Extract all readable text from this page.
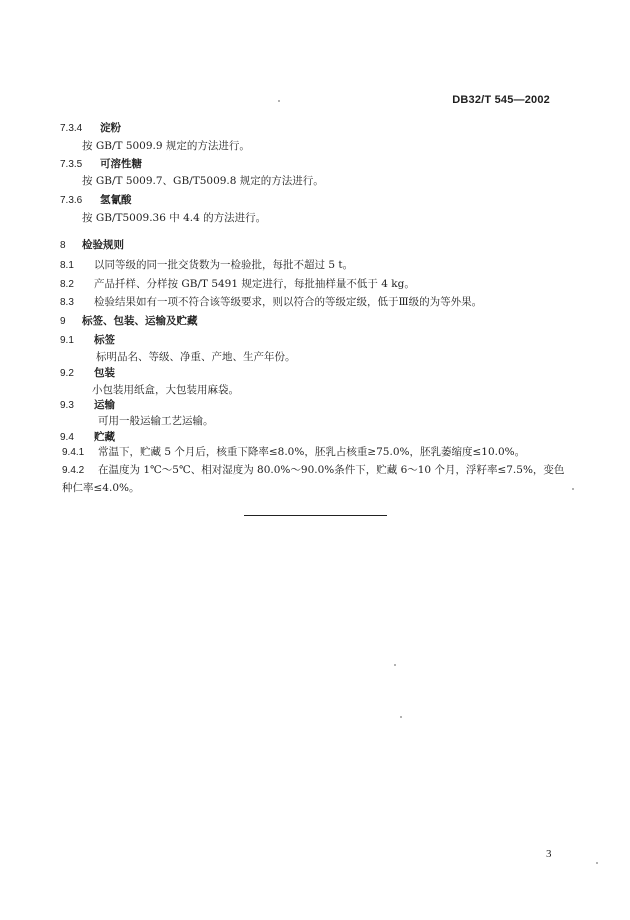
DB32/T 545—2002
7.3.4 淀粉
按 GB/T 5009.9 规定的方法进行。
7.3.5 可溶性糖
按 GB/T 5009.7、GB/T5009.8 规定的方法进行。
7.3.6 氢氰酸
按 GB/T5009.36 中 4.4 的方法进行。
8 检验规则
8.1 以同等级的同一批交货数为一检验批，每批不超过 5 t。
8.2 产品扦样、分样按 GB/T 5491 规定进行，每批抽样量不低于 4 kg。
8.3 检验结果如有一项不符合该等级要求，则以符合的等级定级，低于Ⅲ级的为等外果。
9 标签、包装、运输及贮藏
9.1 标签
标明品名、等级、净重、产地、生产年份。
9.2 包装
小包装用纸盒，大包装用麻袋。
9.3 运输
可用一般运输工艺运输。
9.4 贮藏
9.4.1 常温下，贮藏 5 个月后，核重下降率≤8.0%，胚乳占核重≥75.0%，胚乳萎缩度≤10.0%。
9.4.2 在温度为 1℃～5℃、相对湿度为 80.0%～90.0%条件下，贮藏 6～10 个月，浮籽率≤7.5%，变色
种仁率≤4.0%。
3
